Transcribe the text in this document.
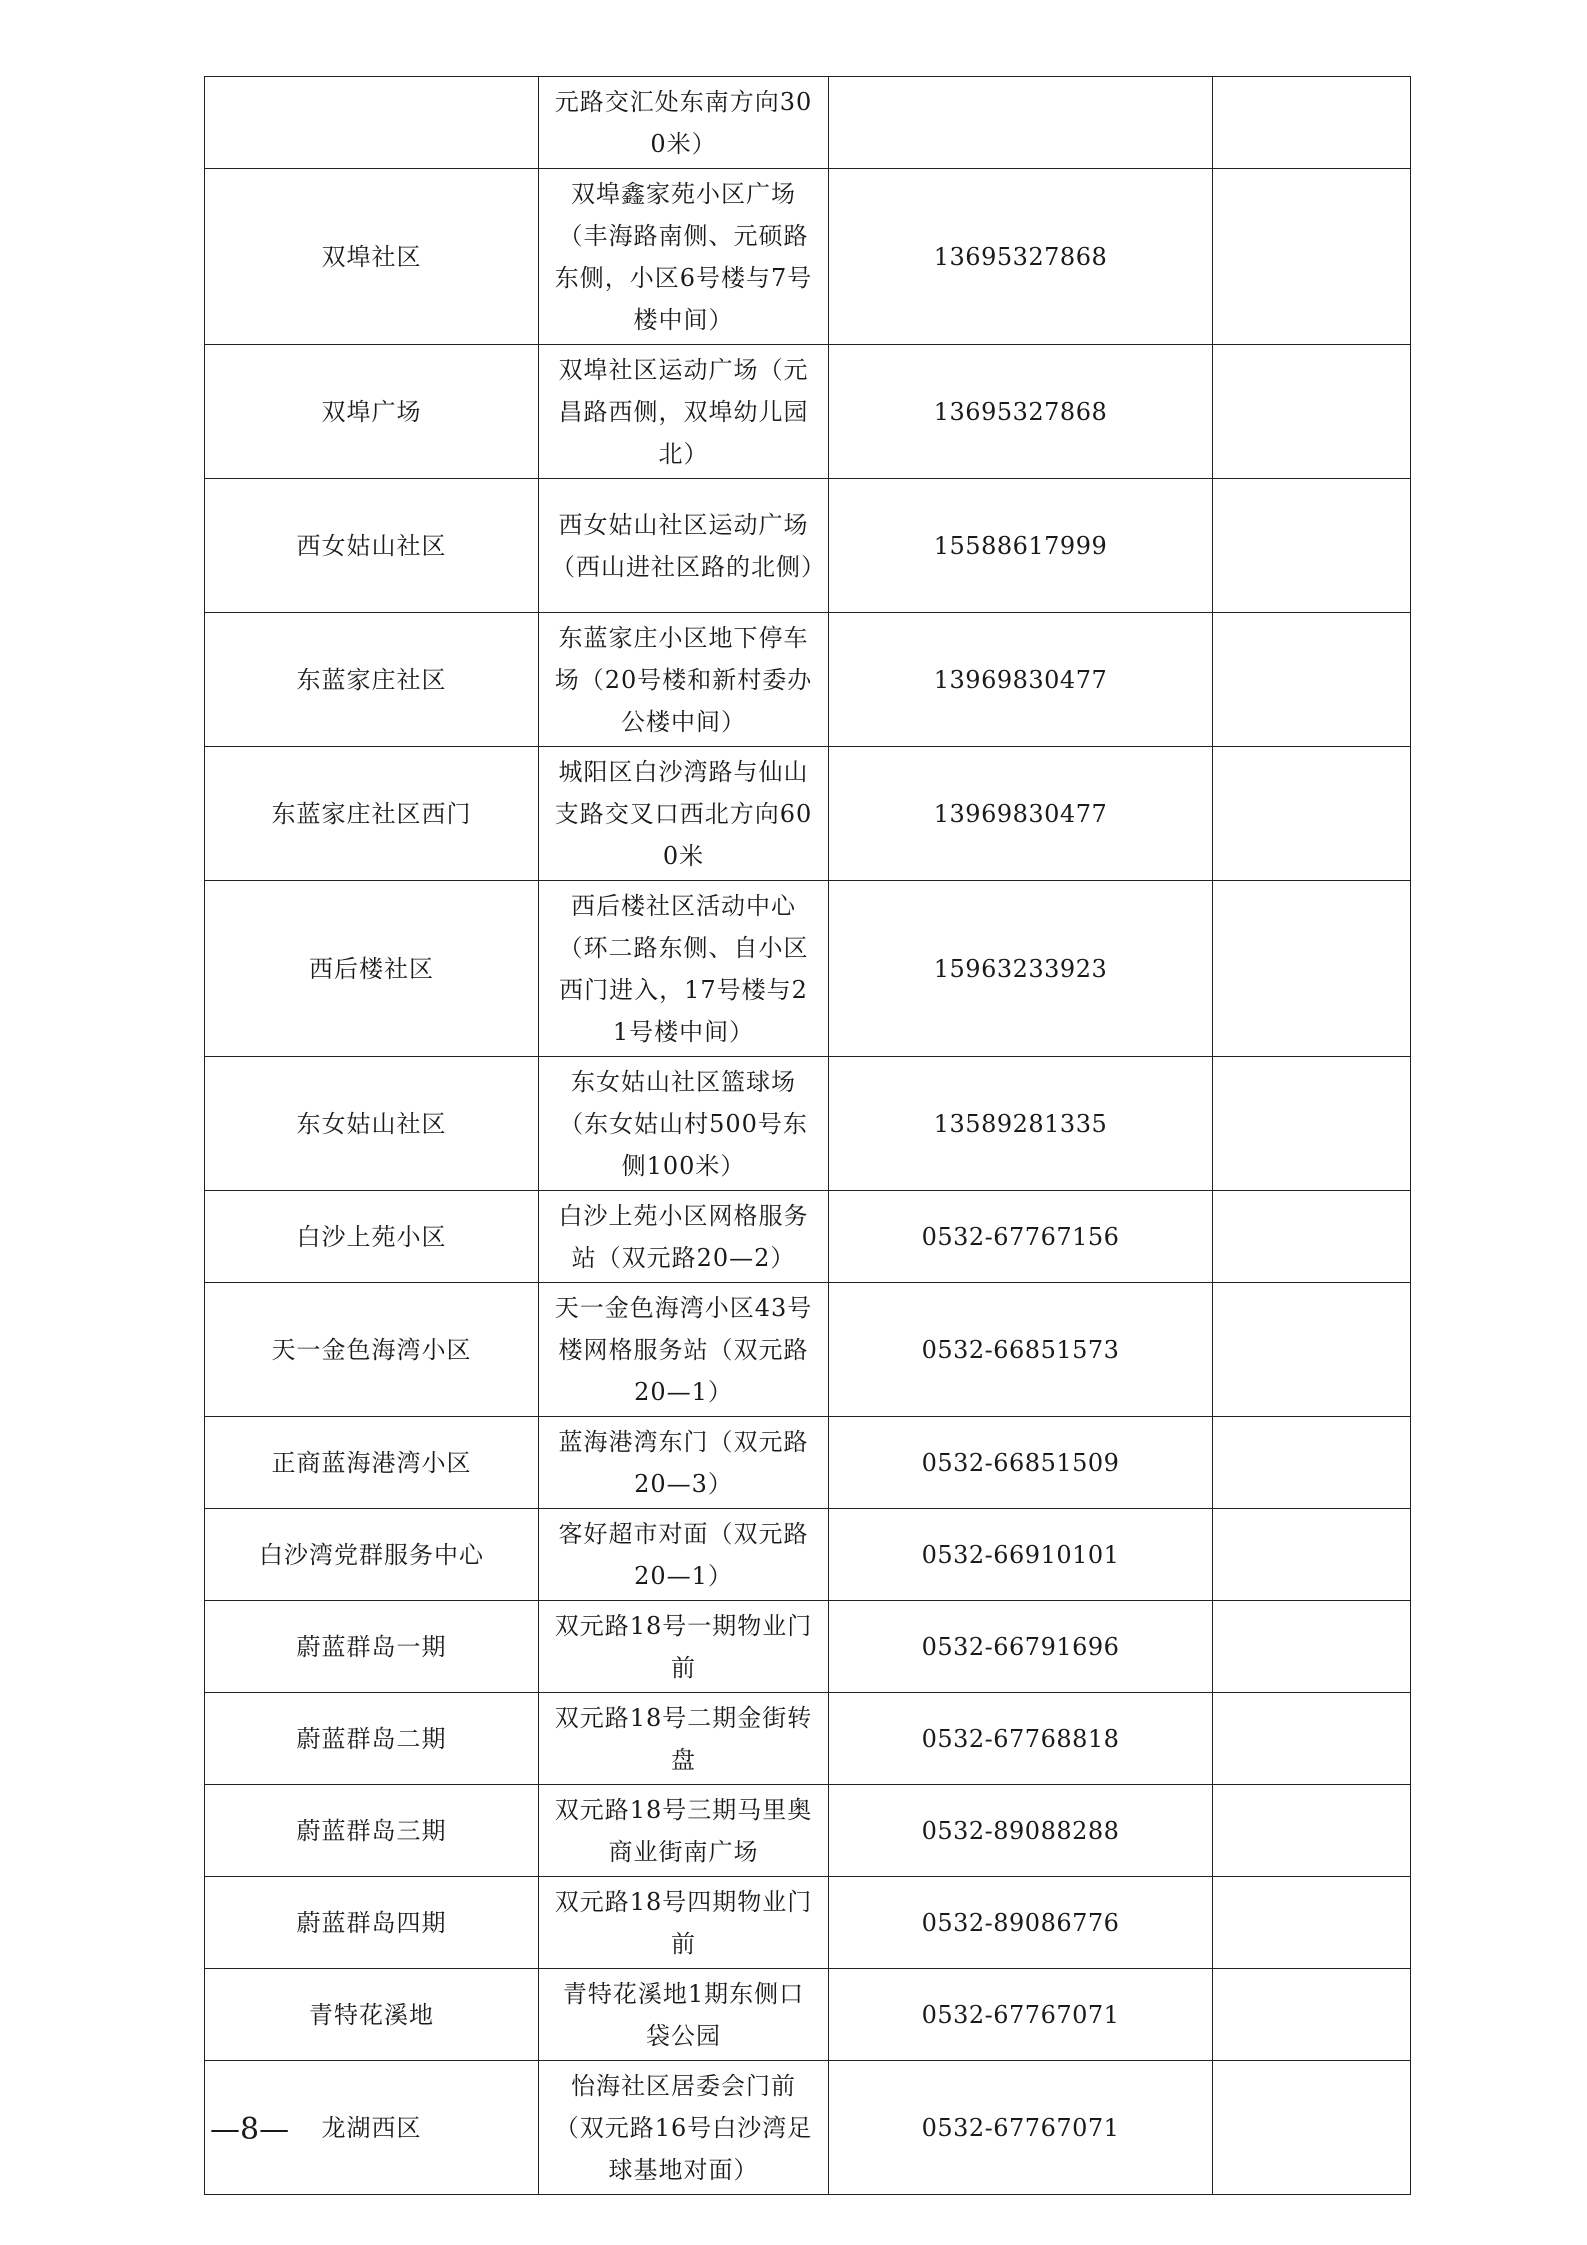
	元路交汇处东南方向300米）		
双埠社区	双埠鑫家苑小区广场（丰海路南侧、元硕路东侧，小区6号楼与7号楼中间）	13695327868	
双埠广场	双埠社区运动广场（元昌路西侧，双埠幼儿园北）	13695327868	
西女姑山社区	西女姑山社区运动广场（西山进社区路的北侧）	15588617999	
东蓝家庄社区	东蓝家庄小区地下停车场（20号楼和新村委办公楼中间）	13969830477	
东蓝家庄社区西门	城阳区白沙湾路与仙山支路交叉口西北方向600米	13969830477	
西后楼社区	西后楼社区活动中心（环二路东侧、自小区西门进入，17号楼与21号楼中间）	15963233923	
东女姑山社区	东女姑山社区篮球场（东女姑山村500号东侧100米）	13589281335	
白沙上苑小区	白沙上苑小区网格服务站（双元路20—2）	0532-67767156	
天一金色海湾小区	天一金色海湾小区43号楼网格服务站（双元路20—1）	0532-66851573	
正商蓝海港湾小区	蓝海港湾东门（双元路20—3）	0532-66851509	
白沙湾党群服务中心	客好超市对面（双元路20—1）	0532-66910101	
蔚蓝群岛一期	双元路18号一期物业门前	0532-66791696	
蔚蓝群岛二期	双元路18号二期金街转盘	0532-67768818	
蔚蓝群岛三期	双元路18号三期马里奥商业街南广场	0532-89088288	
蔚蓝群岛四期	双元路18号四期物业门前	0532-89086776	
青特花溪地	青特花溪地1期东侧口袋公园	0532-67767071	
龙湖西区	怡海社区居委会门前（双元路16号白沙湾足球基地对面）	0532-67767071	
—8—
